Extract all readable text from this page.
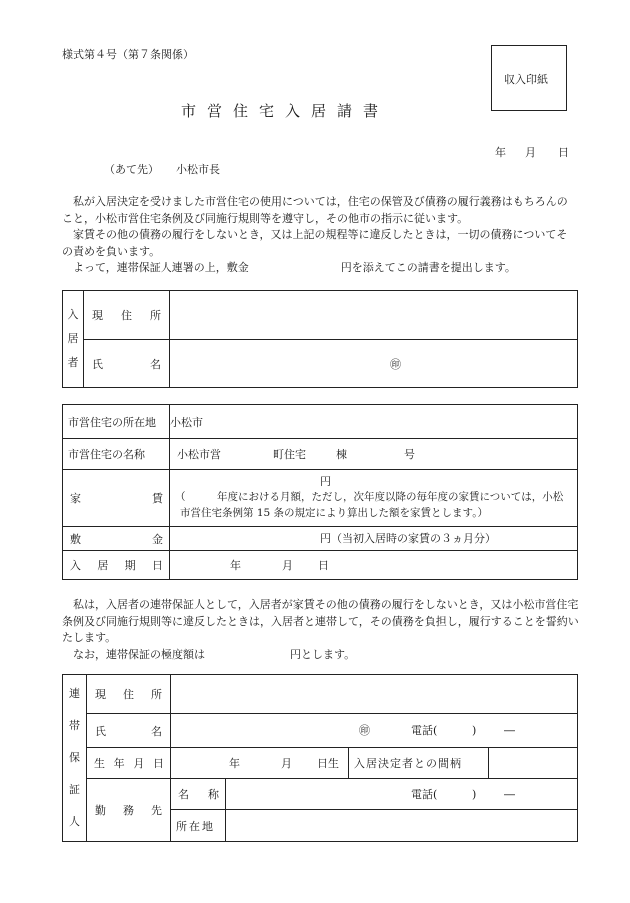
様式第４号（第７条関係）
収入印紙
市営住宅入居請書
年 月 日
（あて先） 小松市長

私が入居決定を受けました市営住宅の使用については，住宅の保管及び債務の履行義務はもちろんのこと，小松市営住宅条例及び同施行規則等を遵守し，その他市の指示に従います。

家賃その他の債務の履行をしないとき，又は上記の規程等に違反したときは，一切の債務についてその責めを負います。

よって，連帯保証人連署の上，敷金	円を添えてこの請書を提出します。

入
居
者	現 住 所	

	氏 名	㊞
市営住宅の所在地	小松市

市営住宅の名称	小松市営 町住宅 棟 号

家 賃	円
（　　　年度における月額，ただし，次年度以降の毎年度の家賃については，小松
市営住宅条例第 15 条の規定により算出した額を家賃とします。）

敷 金	円（当初入居時の家賃の３ヵ月分）

入 居 期 日	年 月 日

私は，入居者の連帯保証人として，入居者が家賃その他の債務の履行をしないとき，又は小松市営住宅条例及び同施行規則等に違反したときは，入居者と連帯して，その債務を負担し，履行することを誓約いたします。

なお，連帯保証の極度額は	円とします。

連
帯
保
証
人	現 住 所				

	氏 名	㊞ 電話( ) ―			

	生 年 月 日	年 月 日生		入居決定者との間柄	

	勤 務 先	名 称	電話( ) ―		

		所在地			
